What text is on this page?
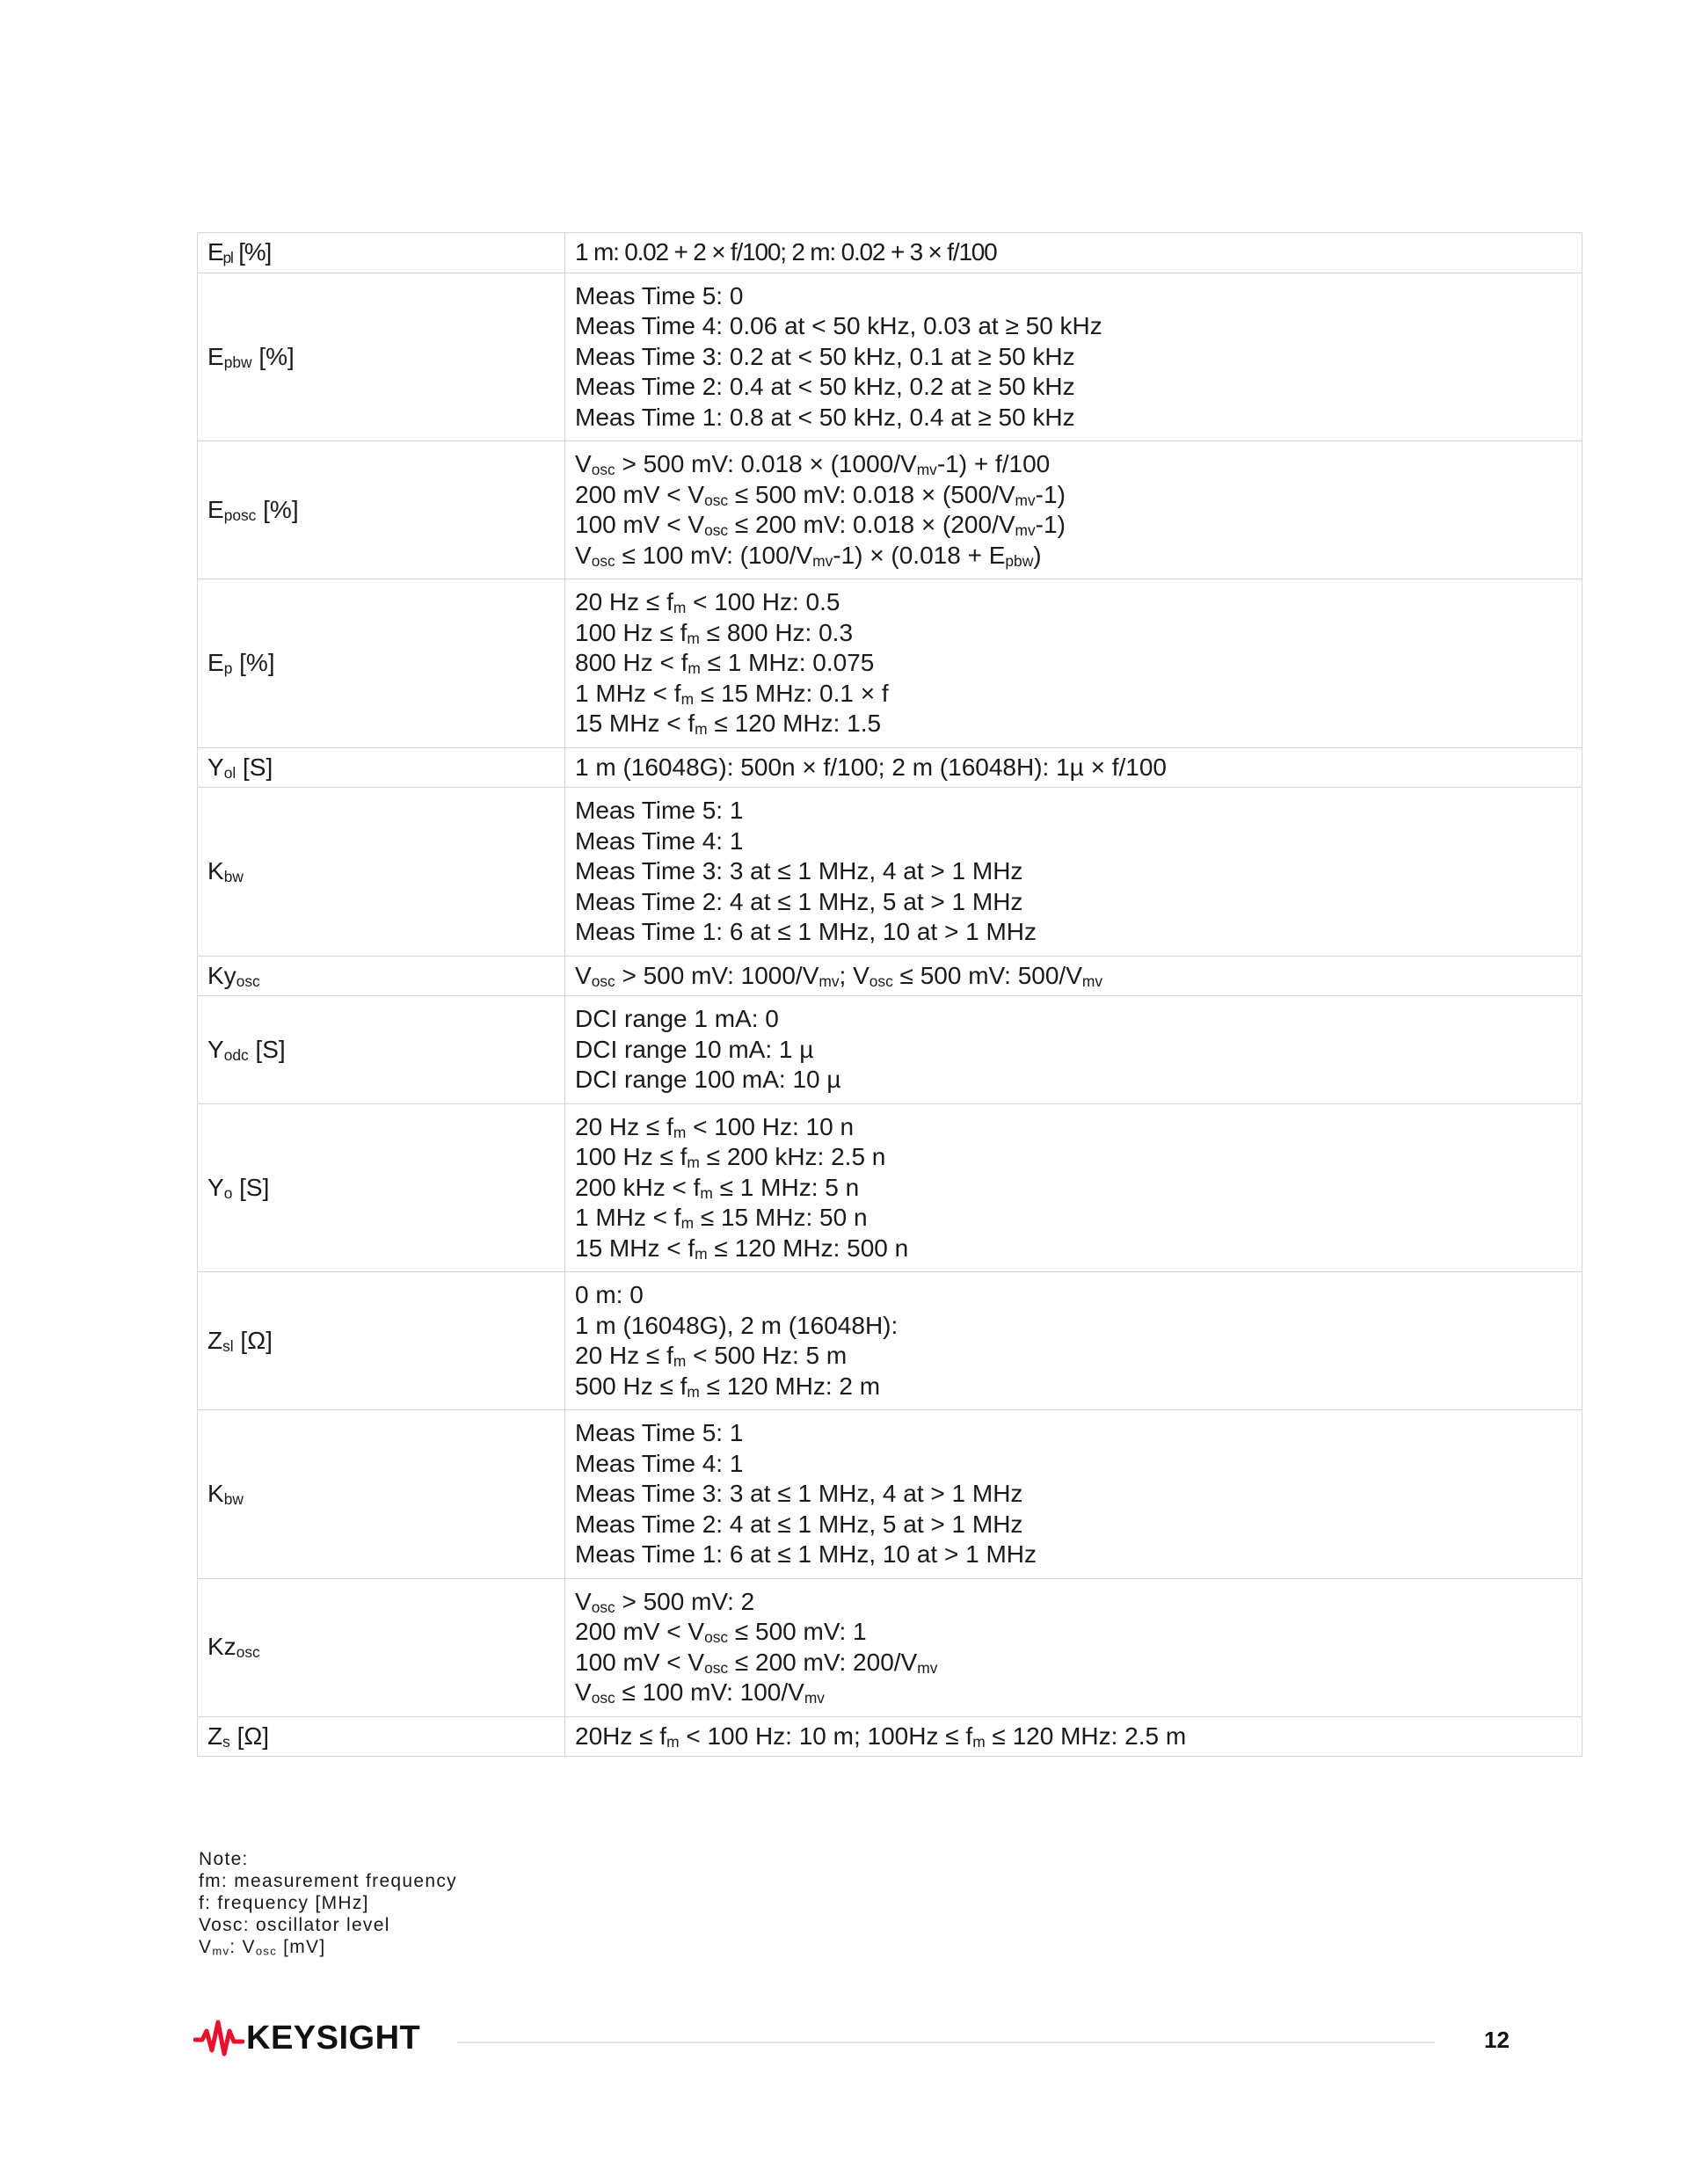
$E_{pl}$ [%]	1 m: 0.02 + 2 × f/100; 2 m: 0.02 + 3 × f/100

$E_{pbw}$ [%]	Meas Time 5: 0
Meas Time 4: 0.06 at < 50 kHz, 0.03 at ≥ 50 kHz
Meas Time 3: 0.2 at < 50 kHz, 0.1 at ≥ 50 kHz
Meas Time 2: 0.4 at < 50 kHz, 0.2 at ≥ 50 kHz
Meas Time 1: 0.8 at < 50 kHz, 0.4 at ≥ 50 kHz

$E_{posc}$ [%]	$V_{osc} > 500$ mV: $0.018 \times (1000/V_{mv}-1) + f/100$
200 mV < $V_{osc} \le 500$ mV: $0.018 \times (500/V_{mv}-1)$
100 mV < $V_{osc} \le 200$ mV: $0.018 \times (200/V_{mv}-1)$
$V_{osc} \le 100$ mV: $(100/V_{mv}-1) \times (0.018 + E_{pbw})$

$E_p$ [%]	20 $Hz \le f_m < 100$ Hz: 0.5
100 $Hz \le f_m \le 800$ Hz: 0.3
800 $Hz < f_m \le 1$ MHz: 0.075
1 MHz < $f_m \le 15$ MHz: 0.1 × f
15 MHz < $f_m \le 120$ MHz: 1.5

$Y_{ol}$ [S]	1 m (16048G): 500n × f/100; 2 m (16048H): 1µ × f/100

$K_{bw}$	Meas Time 5: 1
Meas Time 4: 1
Meas Time 3: 3 at ≤ 1 MHz, 4 at > 1 MHz
Meas Time 2: 4 at ≤ 1 MHz, 5 at > 1 MHz
Meas Time 1: 6 at ≤ 1 MHz, 10 at > 1 MHz

$Ky_{osc}$	$V_{osc} > 500$ mV: $1000/V_{mv}$; $V_{osc} \le 500$ mV: $500/V_{mv}$

$Y_{odc}$ [S]	DCI range 1 mA: 0
DCI range 10 mA: 1 µ
DCI range 100 mA: 10 µ

$Y_o$ [S]	20 $Hz \le f_m < 100$ Hz: 10 n
100 $Hz \le f_m \le 200$ kHz: 2.5 n
200 kHz < $f_m \le 1$ MHz: 5 n
1 MHz < $f_m \le 15$ MHz: 50 n
15 MHz < $f_m \le 120$ MHz: 500 n

$Z_{sl}$ [Ω]	0 m: 0
1 m (16048G), 2 m (16048H):
20 $Hz \le f_m < 500$ Hz: 5 m
500 $Hz \le f_m \le 120$ MHz: 2 m

$K_{bw}$	Meas Time 5: 1
Meas Time 4: 1
Meas Time 3: 3 at ≤ 1 MHz, 4 at > 1 MHz
Meas Time 2: 4 at ≤ 1 MHz, 5 at > 1 MHz
Meas Time 1: 6 at ≤ 1 MHz, 10 at > 1 MHz

$Kz_{osc}$	$V_{osc} > 500$ mV: 2
200 mV < $V_{osc} \le 500$ mV: 1
100 mV < $V_{osc} \le 200$ mV: $200/V_{mv}$
$V_{osc} \le 100$ mV: $100/V_{mv}$

$Z_s$ [Ω]	$20Hz \le f_m < 100$ Hz: 10 m; $100Hz \le f_m \le 120$ MHz: 2.5 m
Note:
fm: measurement frequency
f: frequency [MHz]
Vosc: oscillator level
$V_{mv}$: $V_{osc}$ [mV]
KEYSIGHT	12
